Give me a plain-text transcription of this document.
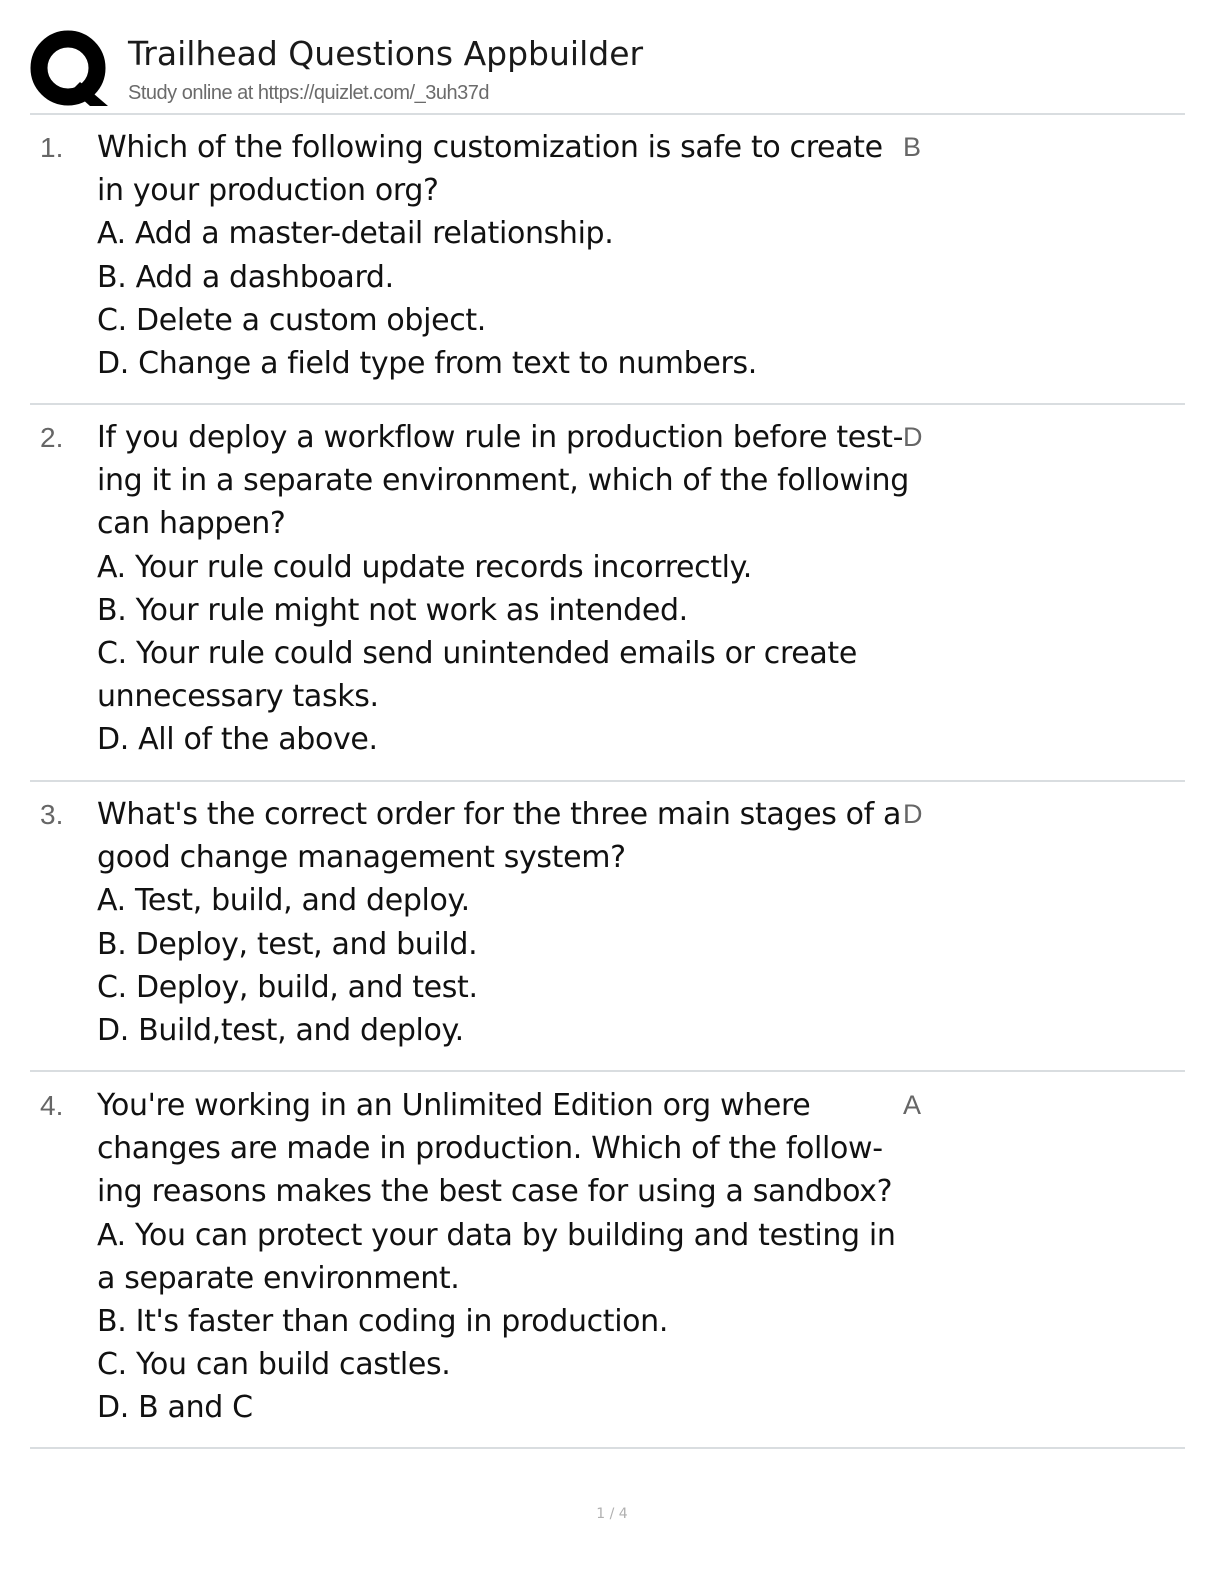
Trailhead Questions Appbuilder
Study online at https://quizlet.com/_3uh37d
1. Which of the following customization is safe to create
in your production org?
A. Add a master-detail relationship.
B. Add a dashboard.
C. Delete a custom object.
D. Change a field type from text to numbers.
B
2. If you deploy a workflow rule in production before test-
ing it in a separate environment, which of the following
can happen?
A. Your rule could update records incorrectly.
B. Your rule might not work as intended.
C. Your rule could send unintended emails or create
unnecessary tasks.
D. All of the above.
D
3. What's the correct order for the three main stages of a
good change management system?
A. Test, build, and deploy.
B. Deploy, test, and build.
C. Deploy, build, and test.
D. Build,test, and deploy.
D
4. You're working in an Unlimited Edition org where
changes are made in production. Which of the follow-
ing reasons makes the best case for using a sandbox?
A. You can protect your data by building and testing in
a separate environment.
B. It's faster than coding in production.
C. You can build castles.
D. B and C
A
1 / 4
